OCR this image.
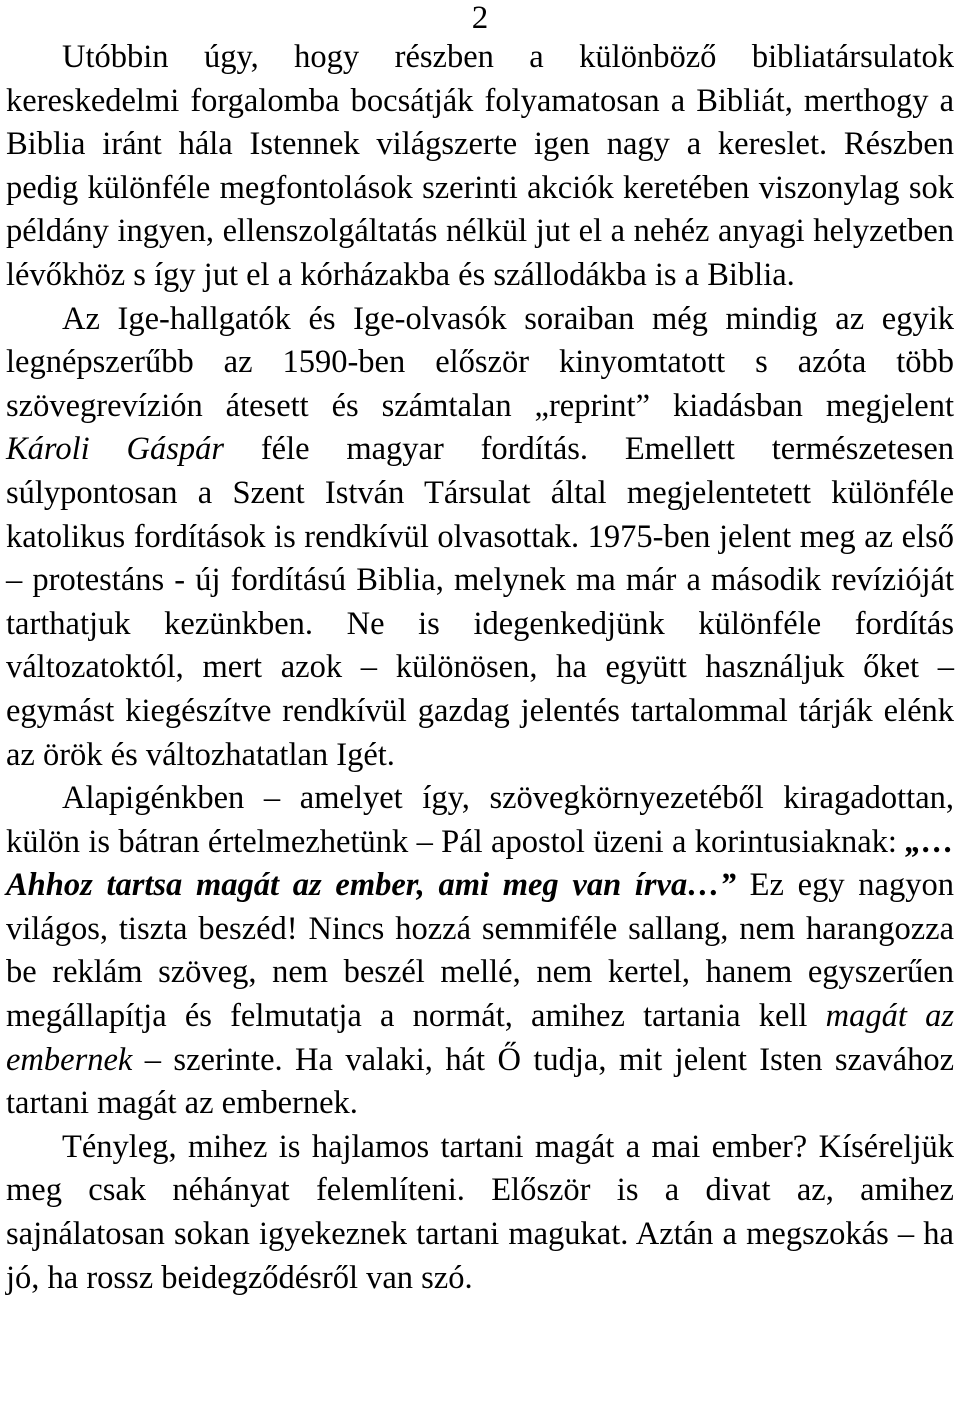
2

Utóbbin úgy, hogy részben a különböző bibliatársulatok kereskedelmi forgalomba bocsátják folyamatosan a Bibliát, merthogy a Biblia iránt hála Istennek világszerte igen nagy a kereslet. Részben pedig különféle megfontolások szerinti akciók keretében viszonylag sok példány ingyen, ellenszolgáltatás nélkül jut el a nehéz anyagi helyzetben lévőkhöz s így jut el a kórházakba és szállodákba is a Biblia.

Az Ige-hallgatók és Ige-olvasók soraiban még mindig az egyik legnépszerűbb az 1590-ben először kinyomtatott s azóta több szövegrevízión átesett és számtalan „reprint” kiadásban megjelent Károli Gáspár féle magyar fordítás. Emellett természetesen súlypontosan a Szent István Társulat által megjelentetett különféle katolikus fordítások is rendkívül olvasottak. 1975-ben jelent meg az első – protestáns - új fordítású Biblia, melynek ma már a második revízióját tarthatjuk kezünkben. Ne is idegenkedjünk különféle fordítás változatoktól, mert azok – különösen, ha együtt használjuk őket – egymást kiegészítve rendkívül gazdag jelentés tartalommal tárják elénk az örök és változhatatlan Igét.

Alapigénkben – amelyet így, szövegkörnyezetéből kiragadottan, külön is bátran értelmezhetünk – Pál apostol üzeni a korintusiaknak: „…Ahhoz tartsa magát az ember, ami meg van írva…” Ez egy nagyon világos, tiszta beszéd! Nincs hozzá semmiféle sallang, nem harangozza be reklám szöveg, nem beszél mellé, nem kertel, hanem egyszerűen megállapítja és felmutatja a normát, amihez tartania kell magát az embernek – szerinte. Ha valaki, hát Ő tudja, mit jelent Isten szavához tartani magát az embernek.

Tényleg, mihez is hajlamos tartani magát a mai ember? Kíséreljük meg csak néhányat felemlíteni. Először is a divat az, amihez sajnálatosan sokan igyekeznek tartani magukat. Aztán a megszokás – ha jó, ha rossz beidegződésről van szó.
